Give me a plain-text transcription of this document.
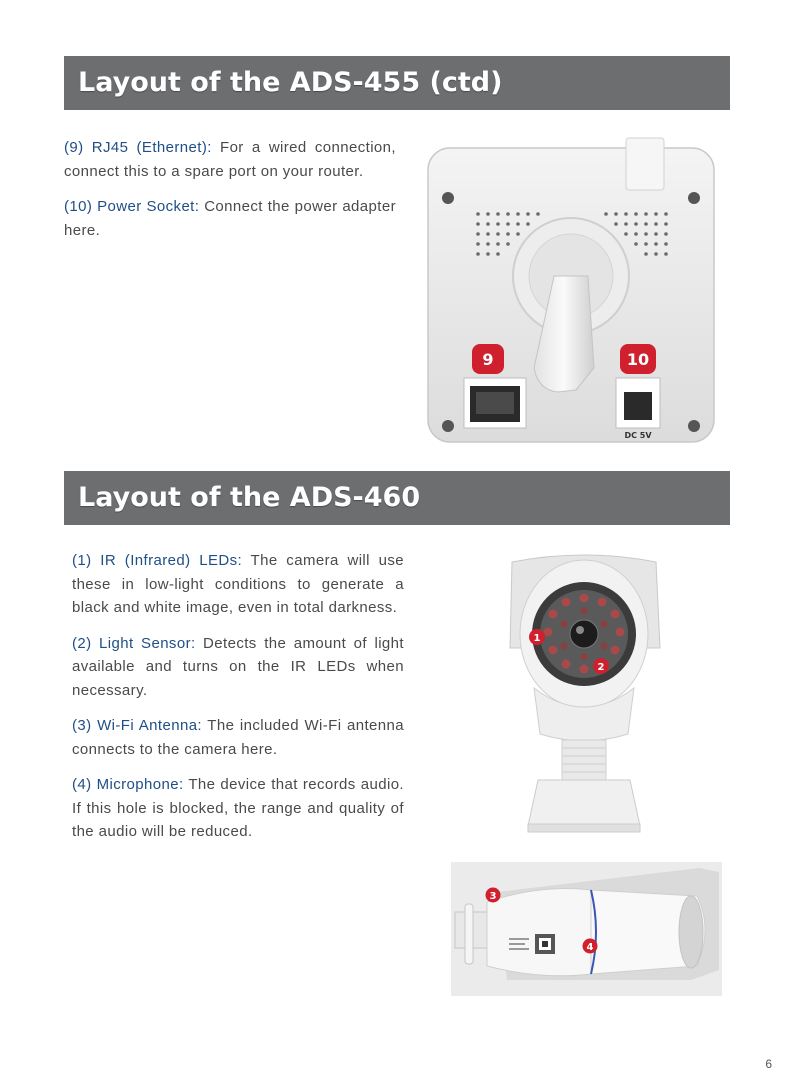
Layout of the ADS-455 (ctd)

(9) RJ45 (Ethernet): For a wired connection, connect this to a spare port on your router.

(10) Power Socket: Connect the power adapter here.

DC 5V
9	10
Layout of the ADS-460

(1) IR (Infrared) LEDs: The camera will use these in low-light conditions to generate a black and white image, even in total darkness.

(2) Light Sensor: Detects the amount of light available and turns on the IR LEDs when necessary.

(3) Wi-Fi Antenna: The included Wi-Fi antenna connects to the camera here.

(4) Microphone: The device that records audio. If this hole is blocked, the range and quality of the audio will be reduced.

1
2
3
4
6
